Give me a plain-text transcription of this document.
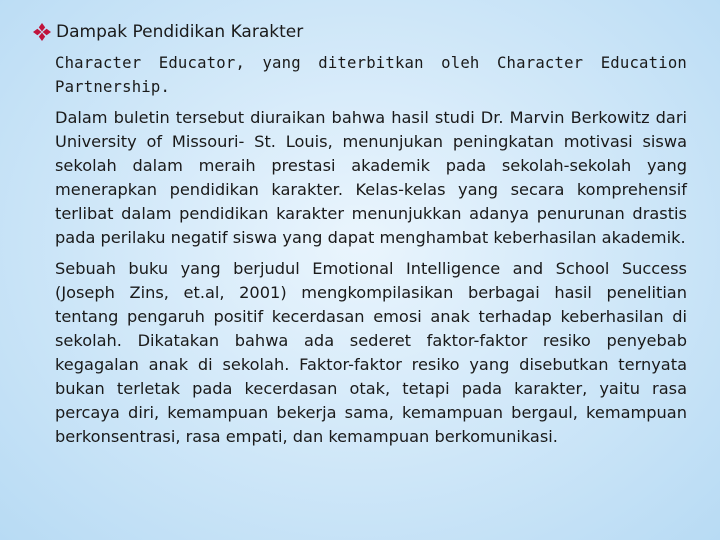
Dampak Pendidikan Karakter

Character Educator, yang diterbitkan oleh Character Education Partnership.

Dalam buletin tersebut diuraikan bahwa hasil studi Dr. Marvin Berkowitz dari University of Missouri- St. Louis, menunjukan peningkatan motivasi siswa sekolah dalam meraih prestasi akademik pada sekolah-sekolah yang menerapkan pendidikan karakter. Kelas-kelas yang secara komprehensif terlibat dalam pendidikan karakter menunjukkan adanya penurunan drastis pada perilaku negatif siswa yang dapat menghambat keberhasilan akademik.

Sebuah buku yang berjudul Emotional Intelligence and School Success (Joseph Zins, et.al, 2001) mengkompilasikan berbagai hasil penelitian tentang pengaruh positif kecerdasan emosi anak terhadap keberhasilan di sekolah. Dikatakan bahwa ada sederet faktor-faktor resiko penyebab kegagalan anak di sekolah. Faktor-faktor resiko yang disebutkan ternyata bukan terletak pada kecerdasan otak, tetapi pada karakter, yaitu rasa percaya diri, kemampuan bekerja sama, kemampuan bergaul, kemampuan berkonsentrasi, rasa empati, dan kemampuan berkomunikasi.
